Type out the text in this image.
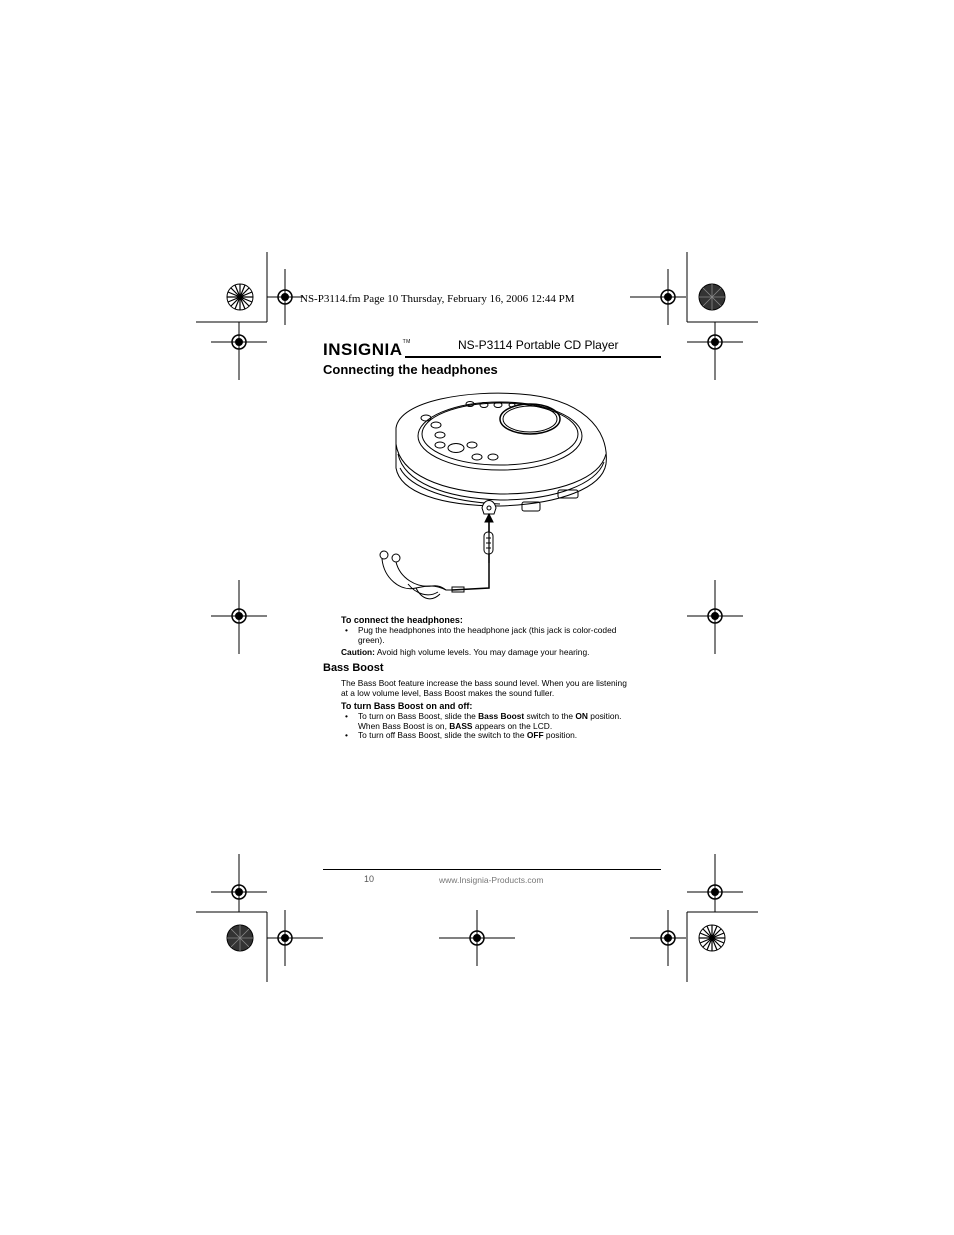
NS-P3114.fm Page 10 Thursday, February 16, 2006 12:44 PM
INSIGNIA™	NS-P3114 Portable CD Player
Connecting the headphones
To connect the headphones:
• Pug the headphones into the headphone jack (this jack is color-coded
green).
Caution: Avoid high volume levels. You may damage your hearing.
Bass Boost
The Bass Boot feature increase the bass sound level. When you are listening
at a low volume level, Bass Boost makes the sound fuller.
To turn Bass Boost on and off:
• To turn on Bass Boost, slide the Bass Boost switch to the ON position.
When Bass Boost is on, BASS appears on the LCD.
• To turn off Bass Boost, slide the switch to the OFF position.
10	www.Insignia-Products.com
